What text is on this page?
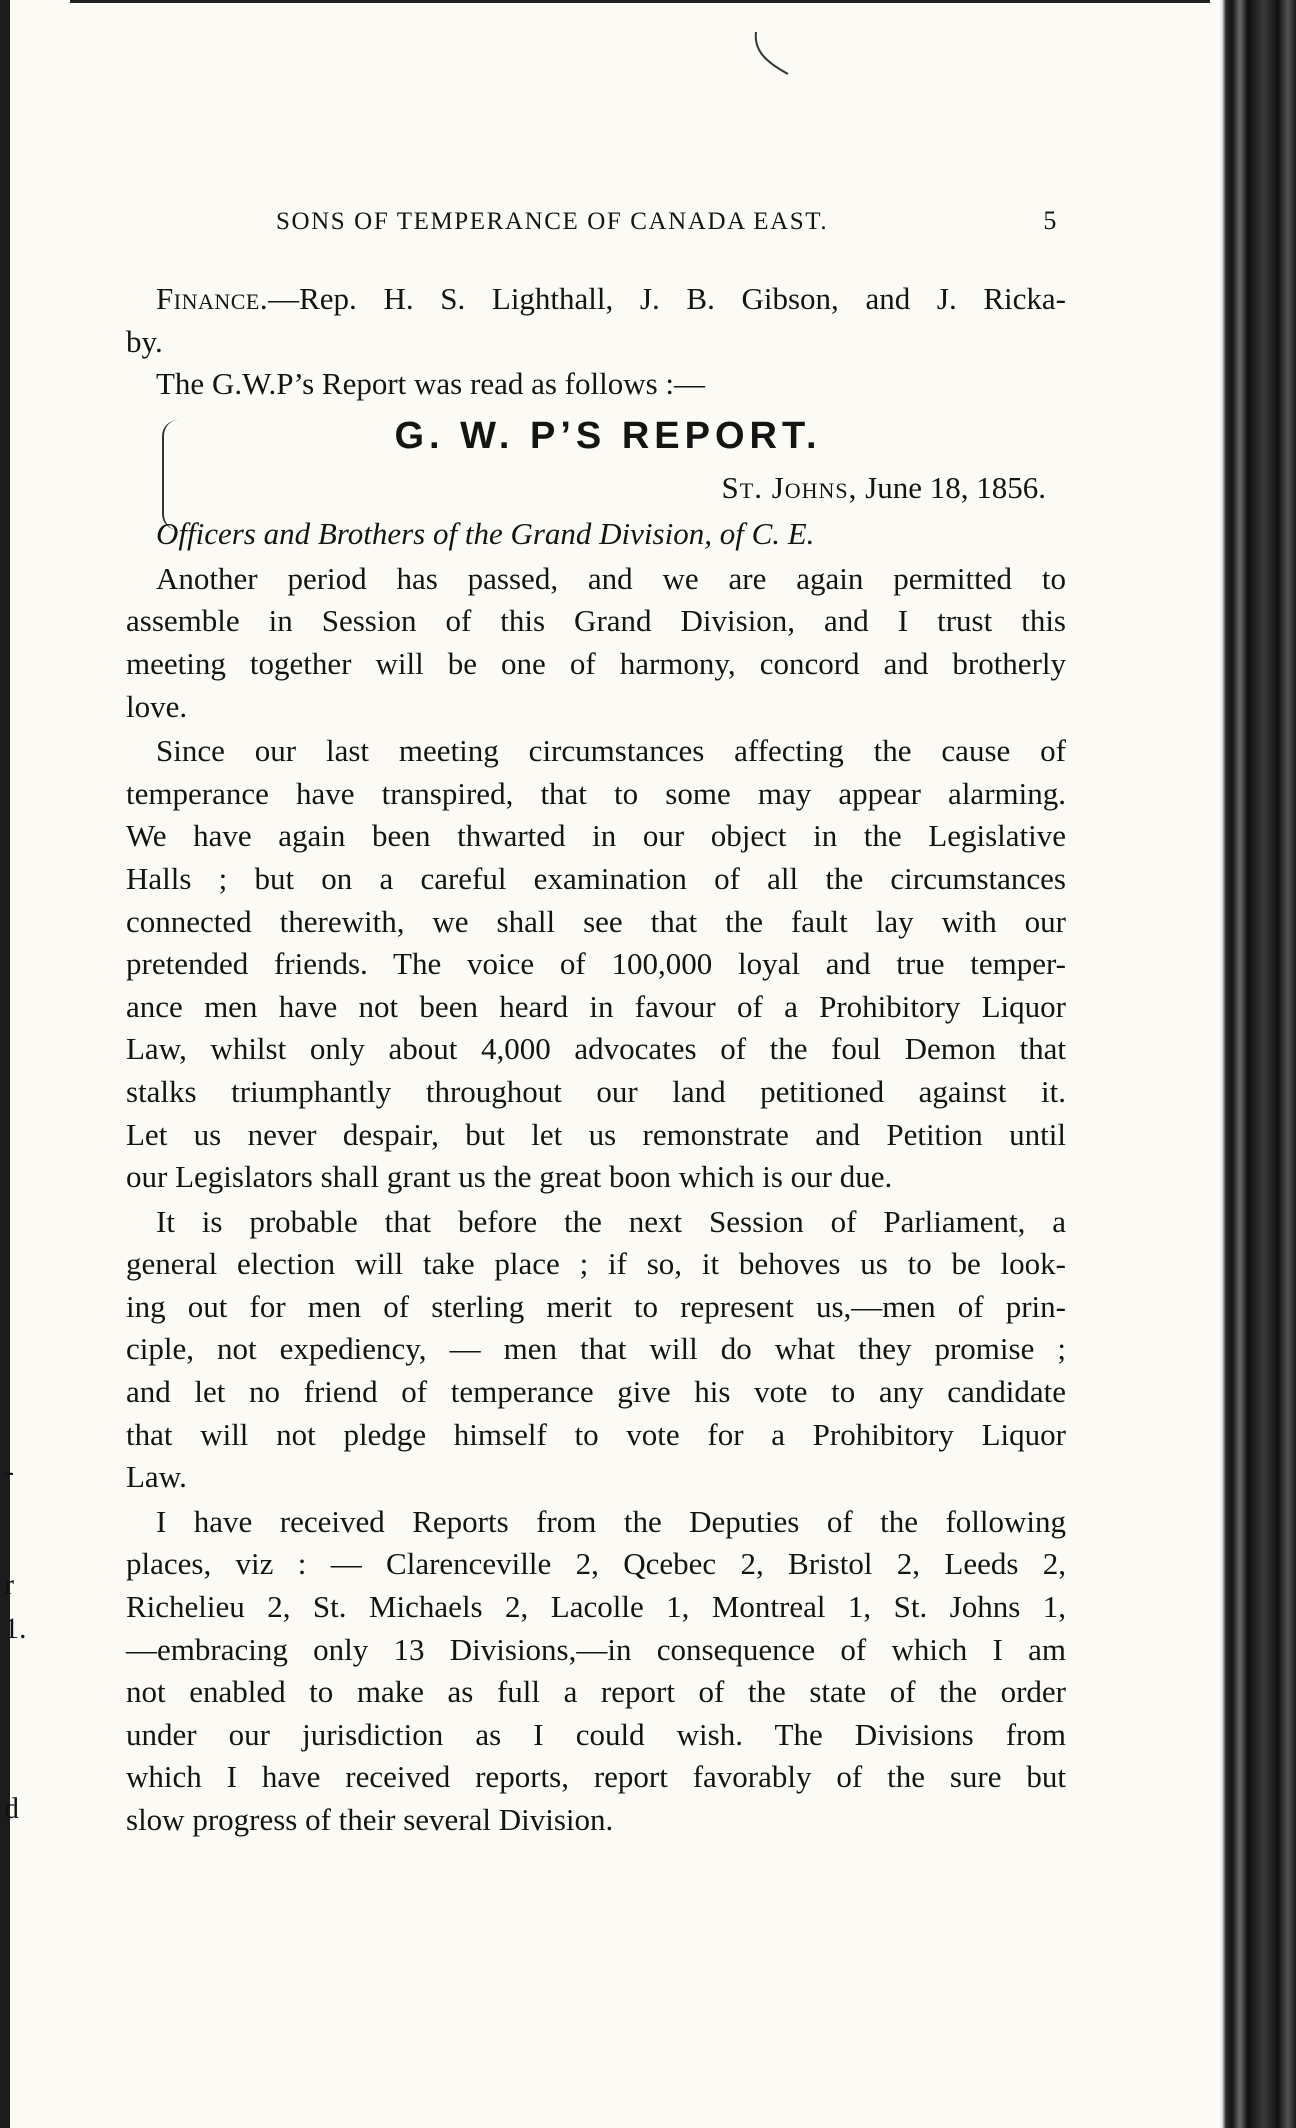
-
r
1.
d
SONS OF TEMPERANCE OF CANADA EAST.	5
Finance.—Rep. H. S. Lighthall, J. B. Gibson, and J. Ricka-
by.
The G.W.P’s Report was read as follows :—
G. W. P’S REPORT.
St. Johns, June 18, 1856.
Officers and Brothers of the Grand Division, of C. E.
Another period has passed, and we are again permitted to
assemble in Session of this Grand Division, and I trust this
meeting together will be one of harmony, concord and brotherly
love.
Since our last meeting circumstances affecting the cause of
temperance have transpired, that to some may appear alarming.
We have again been thwarted in our object in the Legislative
Halls ; but on a careful examination of all the circumstances
connected therewith, we shall see that the fault lay with our
pretended friends. The voice of 100,000 loyal and true temper-
ance men have not been heard in favour of a Prohibitory Liquor
Law, whilst only about 4,000 advocates of the foul Demon that
stalks triumphantly throughout our land petitioned against it.
Let us never despair, but let us remonstrate and Petition until
our Legislators shall grant us the great boon which is our due.
It is probable that before the next Session of Parliament, a
general election will take place ; if so, it behoves us to be look-
ing out for men of sterling merit to represent us,—men of prin-
ciple, not expediency, — men that will do what they promise ;
and let no friend of temperance give his vote to any candidate
that will not pledge himself to vote for a Prohibitory Liquor
Law.
I have received Reports from the Deputies of the following
places, viz : — Clarenceville 2, Qcebec 2, Bristol 2, Leeds 2,
Richelieu 2, St. Michaels 2, Lacolle 1, Montreal 1, St. Johns 1,
—embracing only 13 Divisions,—in consequence of which I am
not enabled to make as full a report of the state of the order
under our jurisdiction as I could wish. The Divisions from
which I have received reports, report favorably of the sure but
slow progress of their several Division.
